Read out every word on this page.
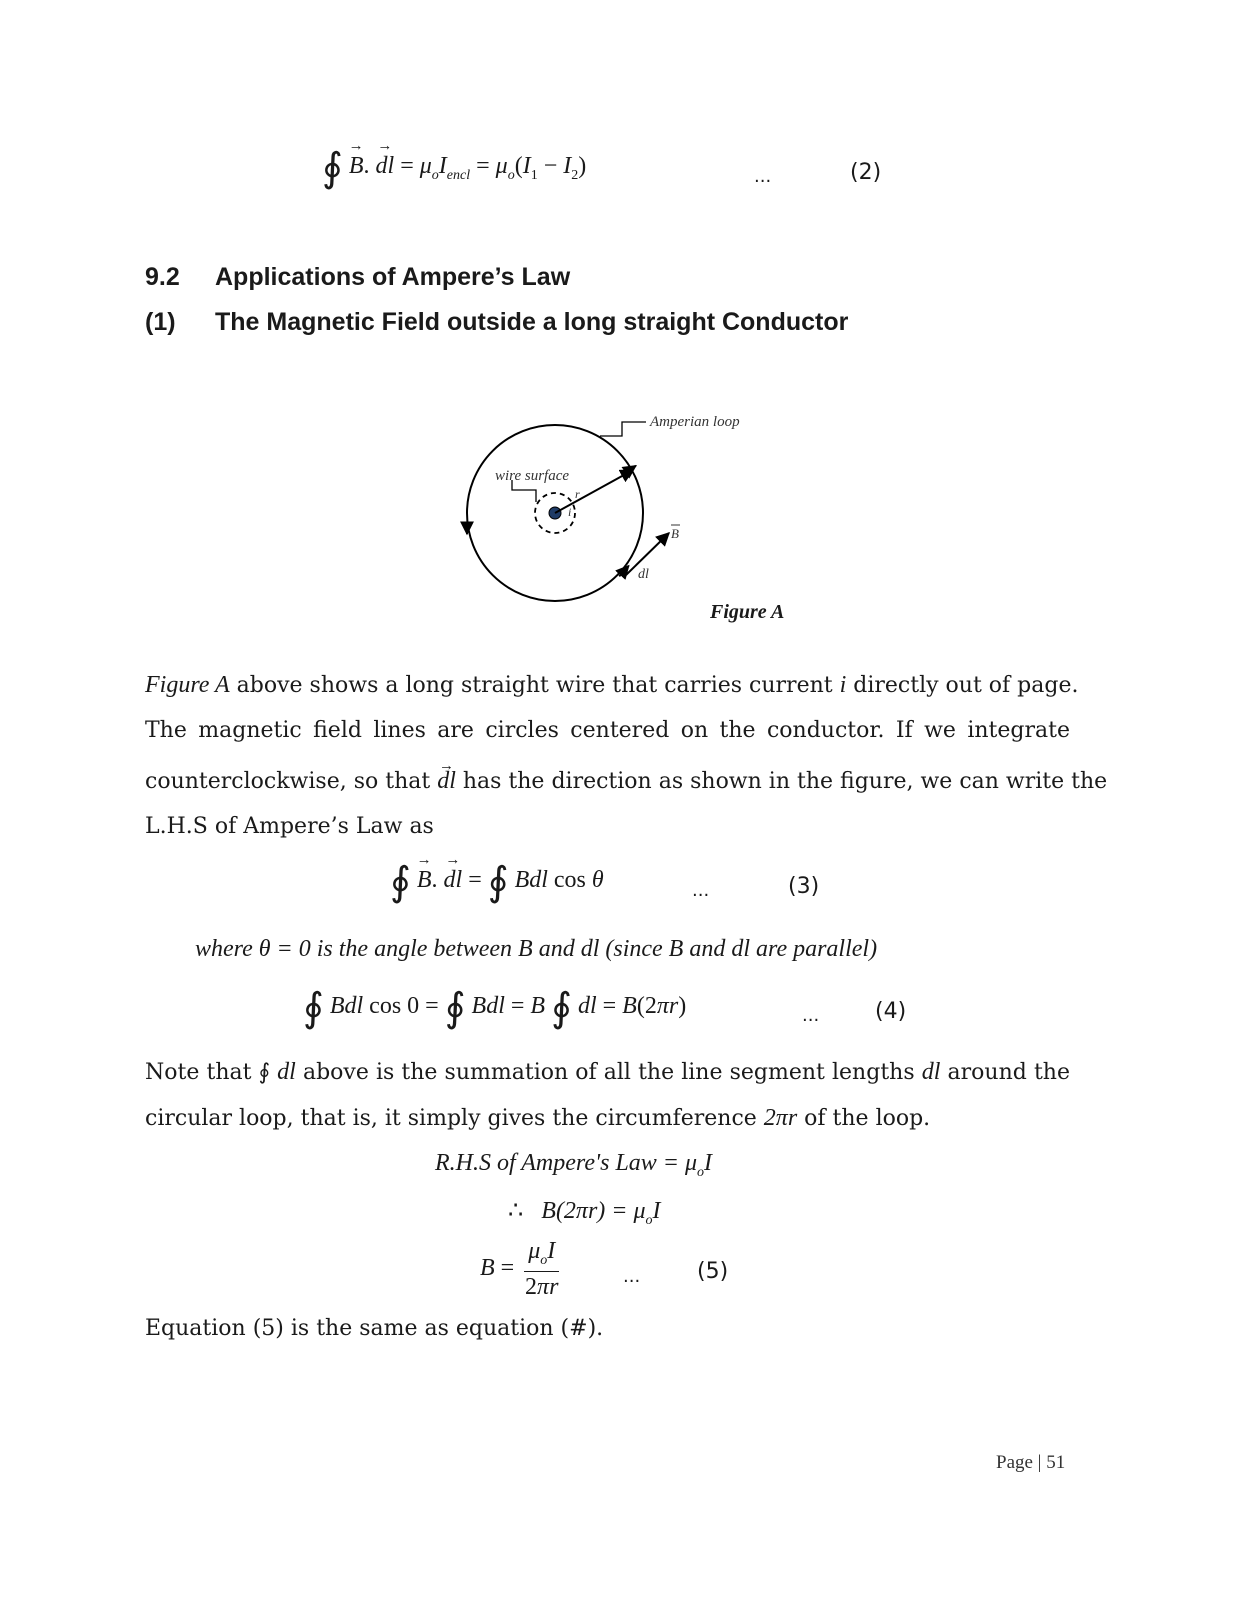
∮ → B. → dl = $\mu_oI_{encl} = \mu_o(I_1 - I_2)$	...	(2)
9.2 Applications of Ampere’s Law
(1) The Magnetic Field outside a long straight Conductor
Amperian loop
wire surface
r
i
B
dl
Figure A
Figure A above shows a long straight wire that carries current i directly out of page.
The magnetic field lines are circles centered on the conductor. If we integrate
counterclockwise, so that → dl has the direction as shown in the figure, we can write the
L.H.S of Ampere’s Law as
∮ → B. → dl = ∮ Bdl cos θ	...	(3)
where θ = 0 is the angle between B and dl (since B and dl are parallel)
∮ Bdl cos 0 = ∮ Bdl = B ∮ dl = B(2πr)	...	(4)
Note that ∮ dl above is the summation of all the line segment lengths dl around the
circular loop, that is, it simply gives the circumference 2πr of the loop.
R.H.S of Ampere's Law = $\mu_oI$
∴ $B(2\pi r) = \mu_oI$
$B = \frac{\mu_oI}{2\pi r}$	...	(5)
Equation (5) is the same as equation (#).
Page | 51
